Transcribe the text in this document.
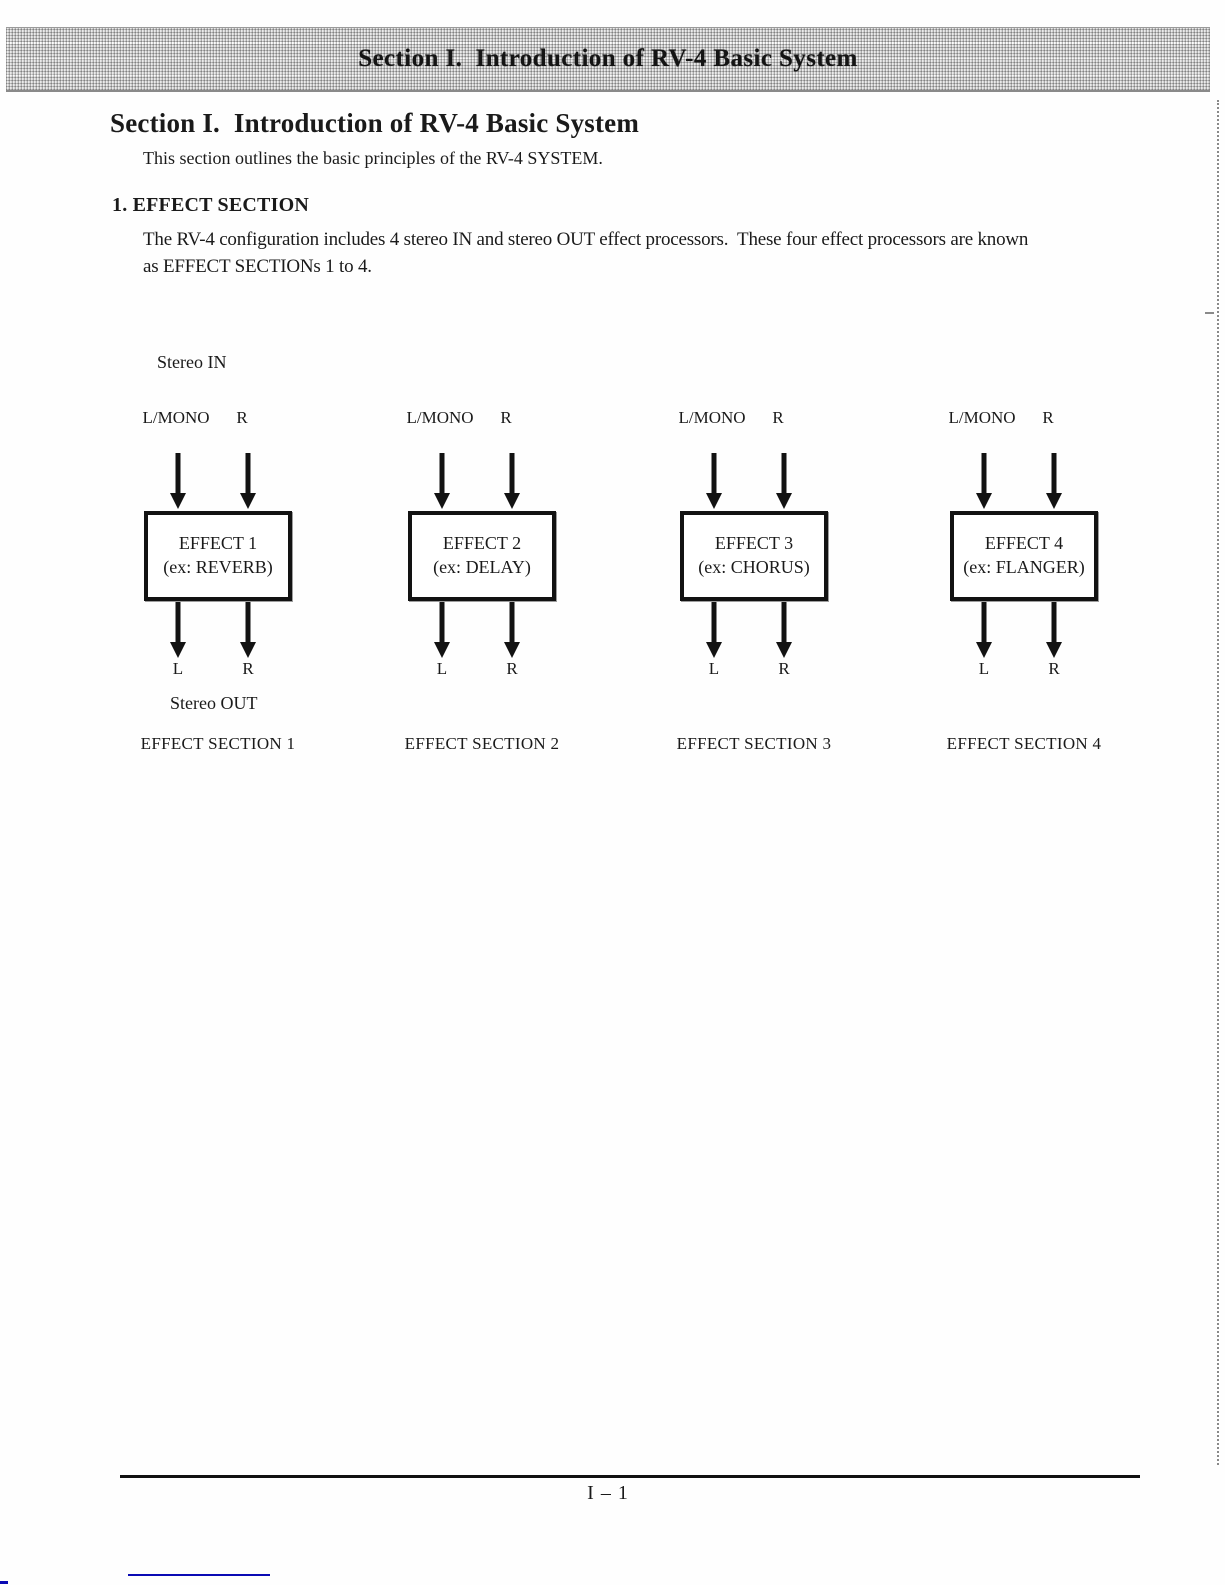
Section I.  Introduction of RV-4 Basic System
Section I.  Introduction of RV-4 Basic System
This section outlines the basic principles of the RV-4 SYSTEM.
1. EFFECT SECTION
The RV-4 configuration includes 4 stereo IN and stereo OUT effect processors.  These four effect processors are known
as EFFECT SECTIONs 1 to 4.
Stereo IN
Stereo OUT
L/MONO R
EFFECT 1
(ex: REVERB)
L	R
EFFECT SECTION 1
L/MONO R
EFFECT 2
(ex: DELAY)
L	R
EFFECT SECTION 2
L/MONO R
EFFECT 3
(ex: CHORUS)
L	R
EFFECT SECTION 3
L/MONO R
EFFECT 4
(ex: FLANGER)
L	R
EFFECT SECTION 4
I – 1
